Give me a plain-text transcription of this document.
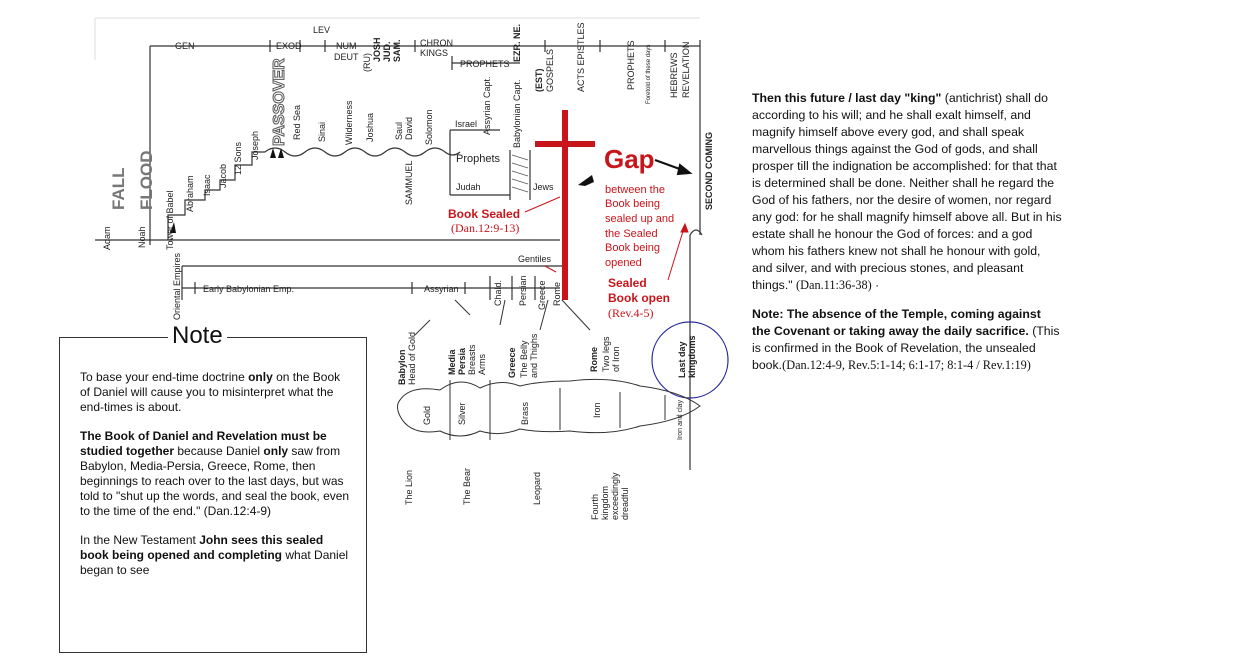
GEN	EXOD
LEV
NUM
DEUT JOSH JUD. SAM.
(RU)
CHRON
KINGS
PROPHETS
EZR. NE.
(EST) GOSPELS ACTS EPISTLES	PROPHETS Foretold of these days HEBREWS REVELATION
FALL FLOOD
Adam	Noah Tower of Babel Abraham Isaac Jacob
12 Sons Joseph PASSOVER Red Sea Sinai Wilderness Joshua Saul David Solomon
SAMMUEL
Israel Assyrian Capt.
Prophets
Judah
Babylonian Capt.
Jews	SECOND COMING
Oriental Empires Early Babylonian Emp.	Assyrian
Gentiles
Chald. Persian Greece Rome
Gap
between the
Book being
sealed up and
the Sealed
Book being
opened
Book Sealed
(Dan.12:9-13)
Sealed
Book open
(Rev.4-5)
Babylon Head of Gold	Media Persia Breasts Arms Greece The Belly and Thighs	Rome Two legs of Iron	Last day kingdoms
Gold	Silver	Brass	Iron	Iron and clay
The Lion	The Bear	Leopard
Fourth kingdom exceedingly dreadful
Note

To base your end-time doctrine only on the Book of Daniel will cause you to misinterpret what the end-times is about.

The Book of Daniel and Revelation must be studied together because Daniel only saw from Babylon, Media-Persia, Greece, Rome, then beginnings to reach over to the last days, but was told to "shut up the words, and seal the book, even to the time of the end." (Dan.12:4-9)

In the New Testament John sees this sealed book being opened and completing what Daniel began to see

Then this future / last day "king" (antichrist) shall do according to his will; and he shall exalt himself, and magnify himself above every god, and shall speak marvellous things against the God of gods, and shall prosper till the indignation be accomplished: for that that is determined shall be done. Neither shall he regard the God of his fathers, nor the desire of women, nor regard any god: for he shall magnify himself above all. But in his estate shall he honour the God of forces: and a god whom his fathers knew not shall he honour with gold, and silver, and with precious stones, and pleasant things." (Dan.11:36-38) ·

Note: The absence of the Temple, coming against the Covenant or taking away the daily sacrifice. (This is confirmed in the Book of Revelation, the unsealed book.(Dan.12:4-9, Rev.5:1-14; 6:1-17; 8:1-4 / Rev.1:19)
